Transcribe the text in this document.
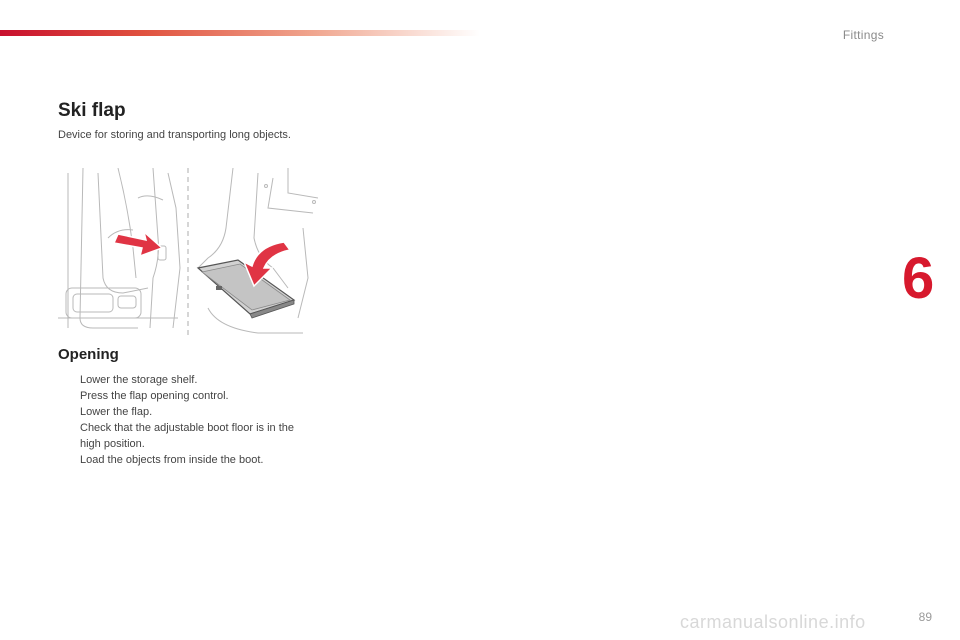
Fittings
6
Ski flap

Device for storing and transporting long objects.

Opening
Lower the storage shelf.
Press the flap opening control.
Lower the flap.
Check that the adjustable boot floor is in the high position.
Load the objects from inside the boot.
carmanualsonline.info	89
